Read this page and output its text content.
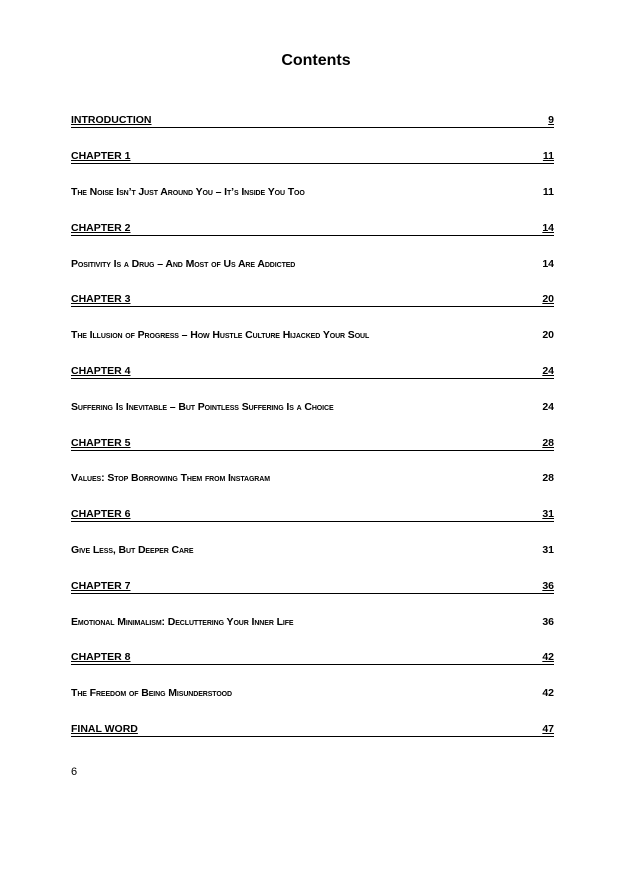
Contents
INTRODUCTION	9
CHAPTER 1	11
The Noise Isn’t Just Around You – It’s Inside You Too	11
CHAPTER 2	14
Positivity Is a Drug – And Most of Us Are Addicted	14
CHAPTER 3	20
The Illusion of Progress – How Hustle Culture Hijacked Your Soul	20
CHAPTER 4	24
Suffering Is Inevitable – But Pointless Suffering Is a Choice	24
CHAPTER 5	28
Values: Stop Borrowing Them from Instagram	28
CHAPTER 6	31
Give Less, But Deeper Care	31
CHAPTER 7	36
Emotional Minimalism: Decluttering Your Inner Life	36
CHAPTER 8	42
The Freedom of Being Misunderstood	42
FINAL WORD	47
6
